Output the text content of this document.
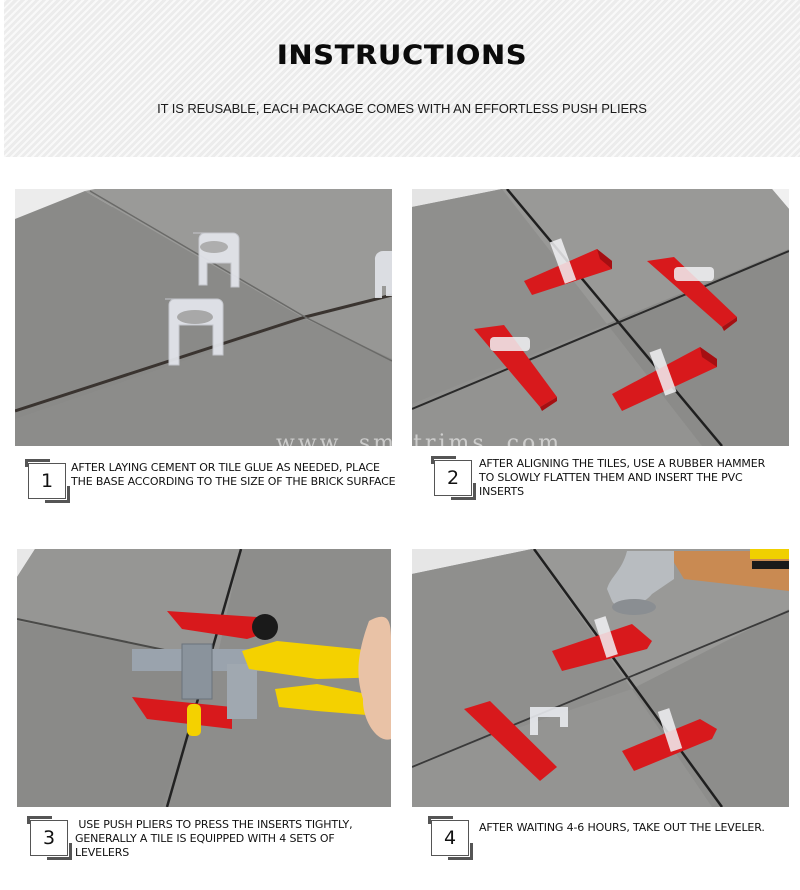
INSTRUCTIONS
IT IS REUSABLE, EACH PACKAGE COMES WITH AN EFFORTLESS PUSH PLIERS
www. smatrims. com
1
AFTER LAYING CEMENT OR TILE GLUE AS NEEDED, PLACE THE BASE ACCORDING TO THE SIZE OF THE BRICK SURFACE	2
AFTER ALIGNING THE TILES, USE A RUBBER HAMMER TO SLOWLY FLATTEN THEM AND INSERT THE PVC INSERTS
3
USE PUSH PLIERS TO PRESS THE INSERTS TIGHTLY, GENERALLY A TILE IS EQUIPPED WITH 4 SETS OF LEVELERS
4 AFTER WAITING 4-6 HOURS, TAKE OUT THE LEVELER.
